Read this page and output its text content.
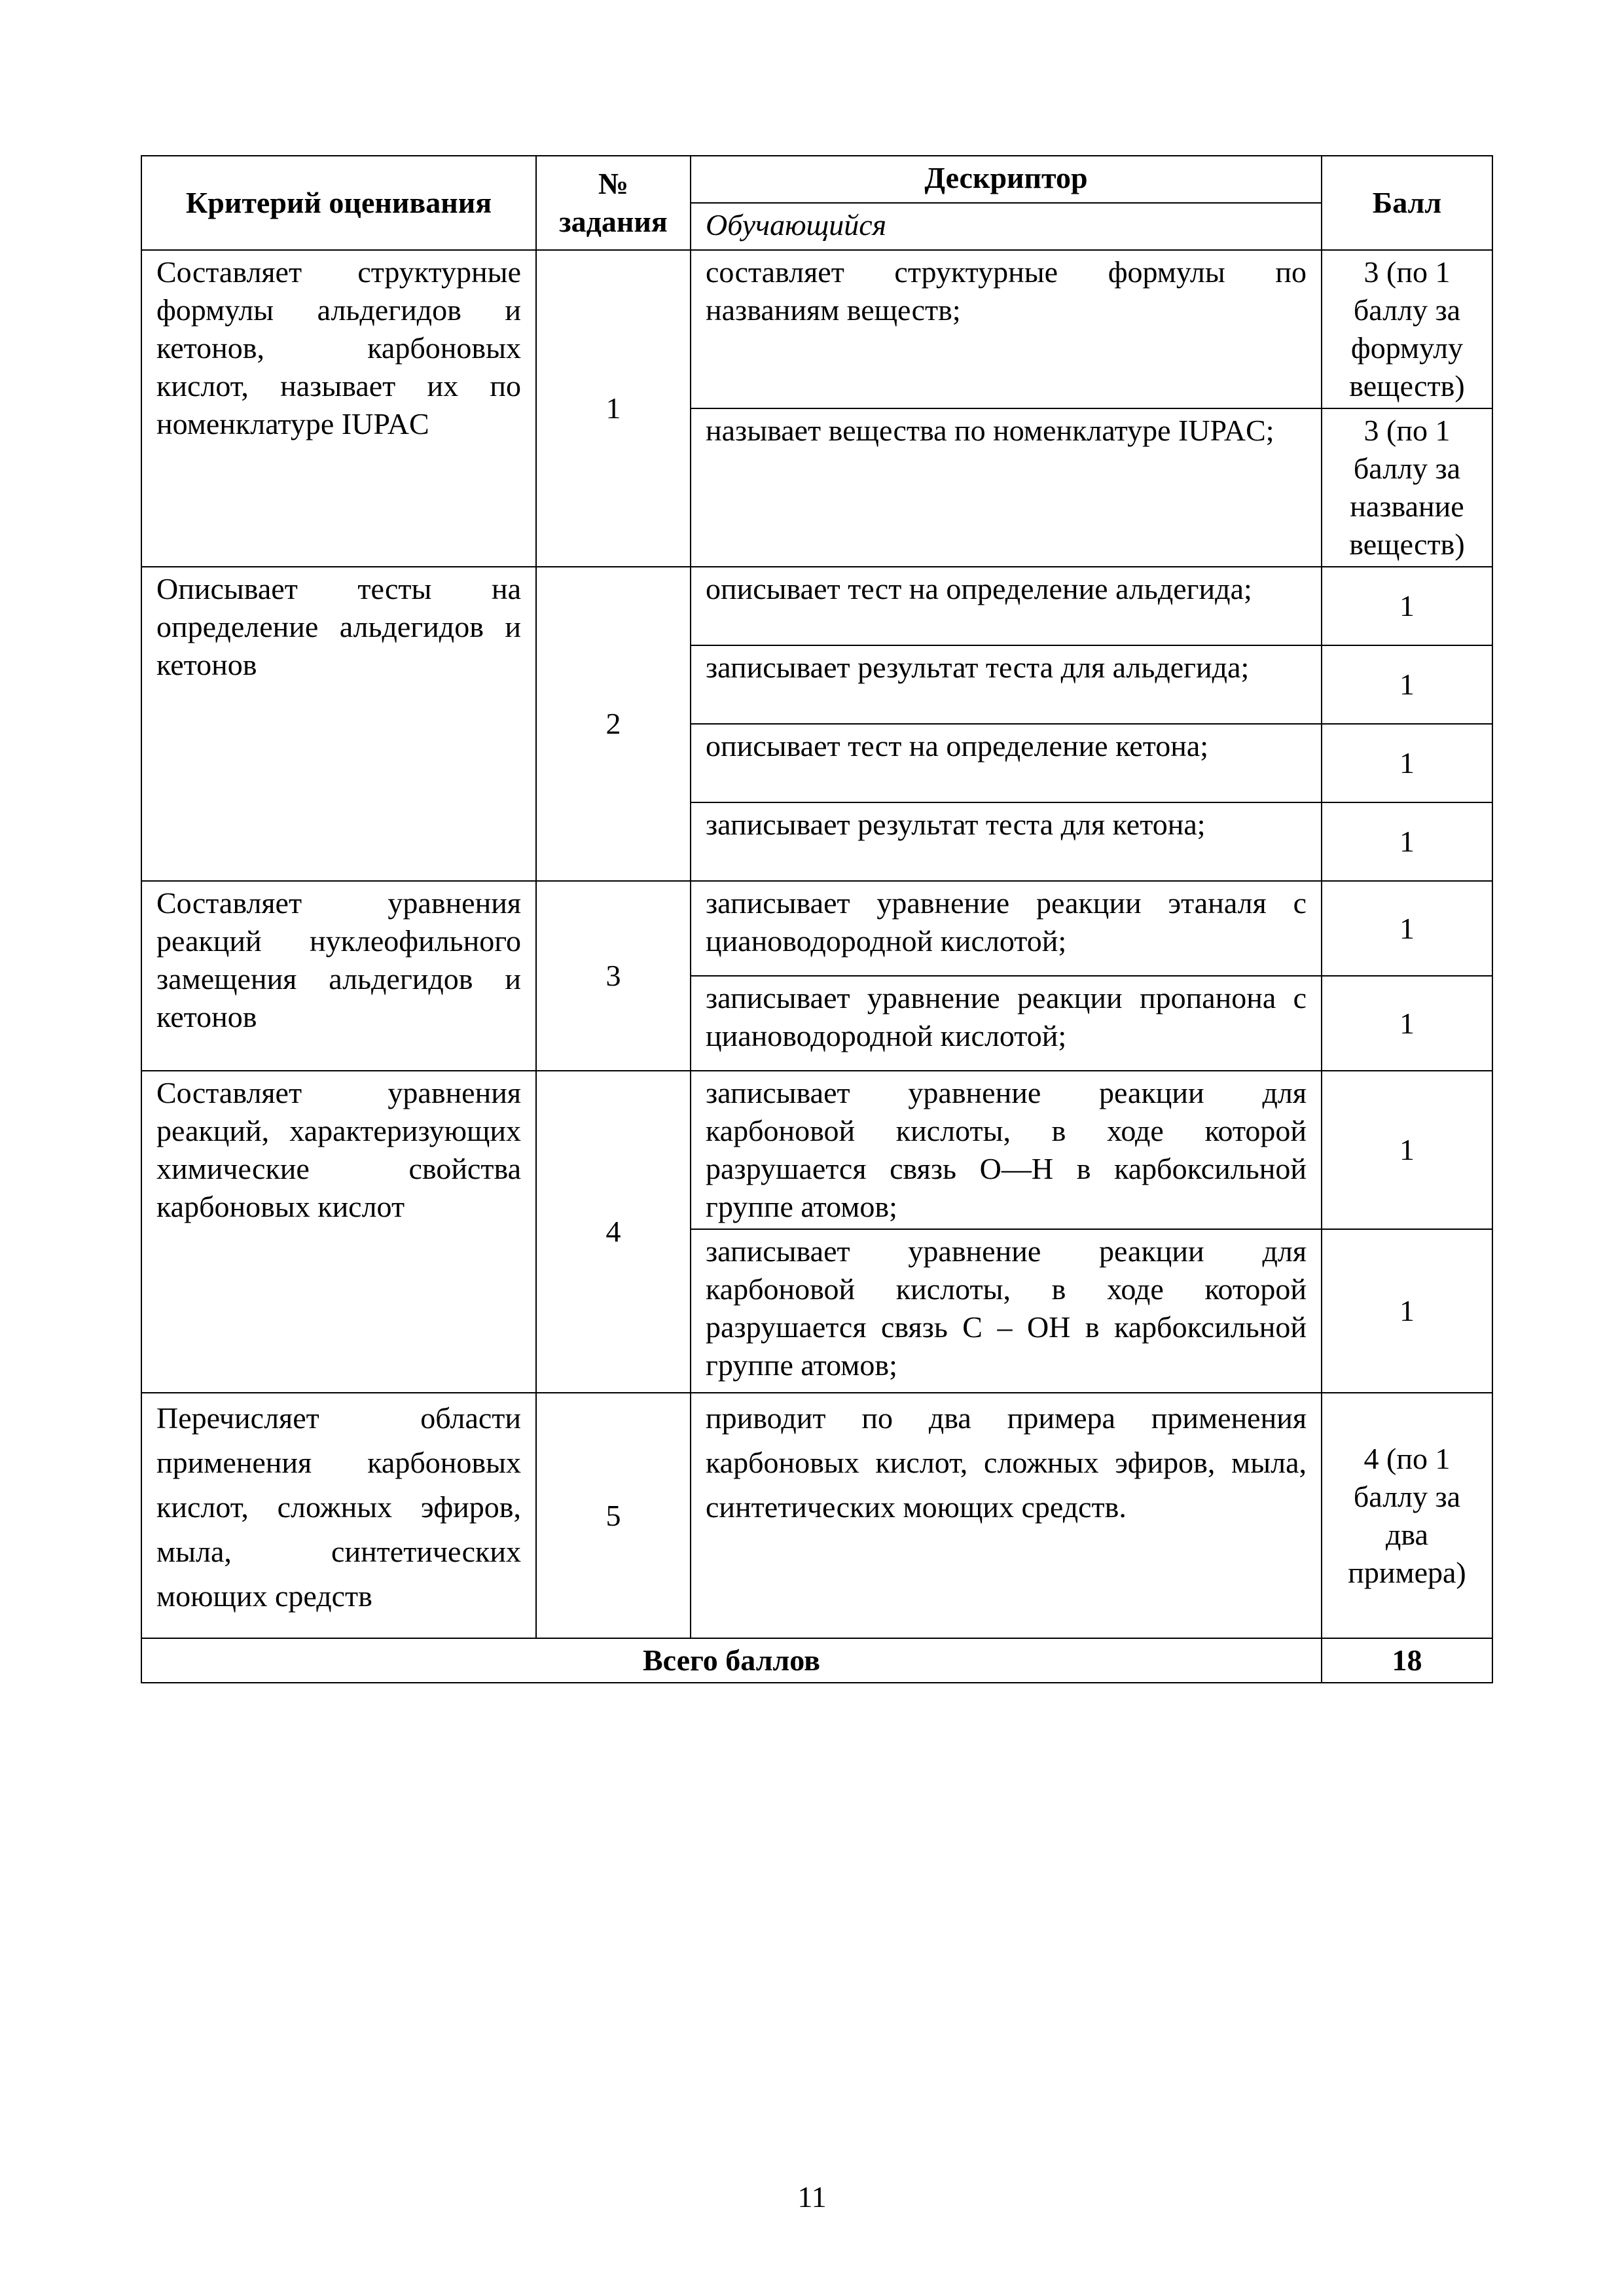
Критерий оценивания	№ задания	Дескриптор	Балл
		Обучающийся	
Составляет структурные формулы альдегидов и кетонов, карбоновых кислот, называет их по номенклатуре IUPAC	1	составляет структурные формулы по названиям веществ;	3 (по 1 баллу за формулу веществ)
		называет вещества по номенклатуре IUPAC;	3 (по 1 баллу за название веществ)
Описывает тесты на определение альдегидов и кетонов	2	описывает тест на определение альдегида;	1
		записывает результат теста для альдегида;	1
		описывает тест на определение кетона;	1
		записывает результат теста для кетона;	1
Составляет уравнения реакций нуклеофильного замещения альдегидов и кетонов	3	записывает уравнение реакции этаналя с циановодородной кислотой;	1
		записывает уравнение реакции пропанона с циановодородной кислотой;	1
Составляет уравнения реакций, характеризующих химические свойства карбоновых кислот	4	записывает уравнение реакции для карбоновой кислоты, в ходе которой разрушается связь О—Н в карбоксильной группе атомов;	1
		записывает уравнение реакции для карбоновой кислоты, в ходе которой разрушается связь С – ОН в карбоксильной группе атомов;	1
Перечисляет области применения карбоновых кислот, сложных эфиров, мыла, синтетических моющих средств	5	приводит по два примера применения карбоновых кислот, сложных эфиров, мыла, синтетических моющих средств.	4 (по 1 баллу за два примера)
Всего баллов			18
11
